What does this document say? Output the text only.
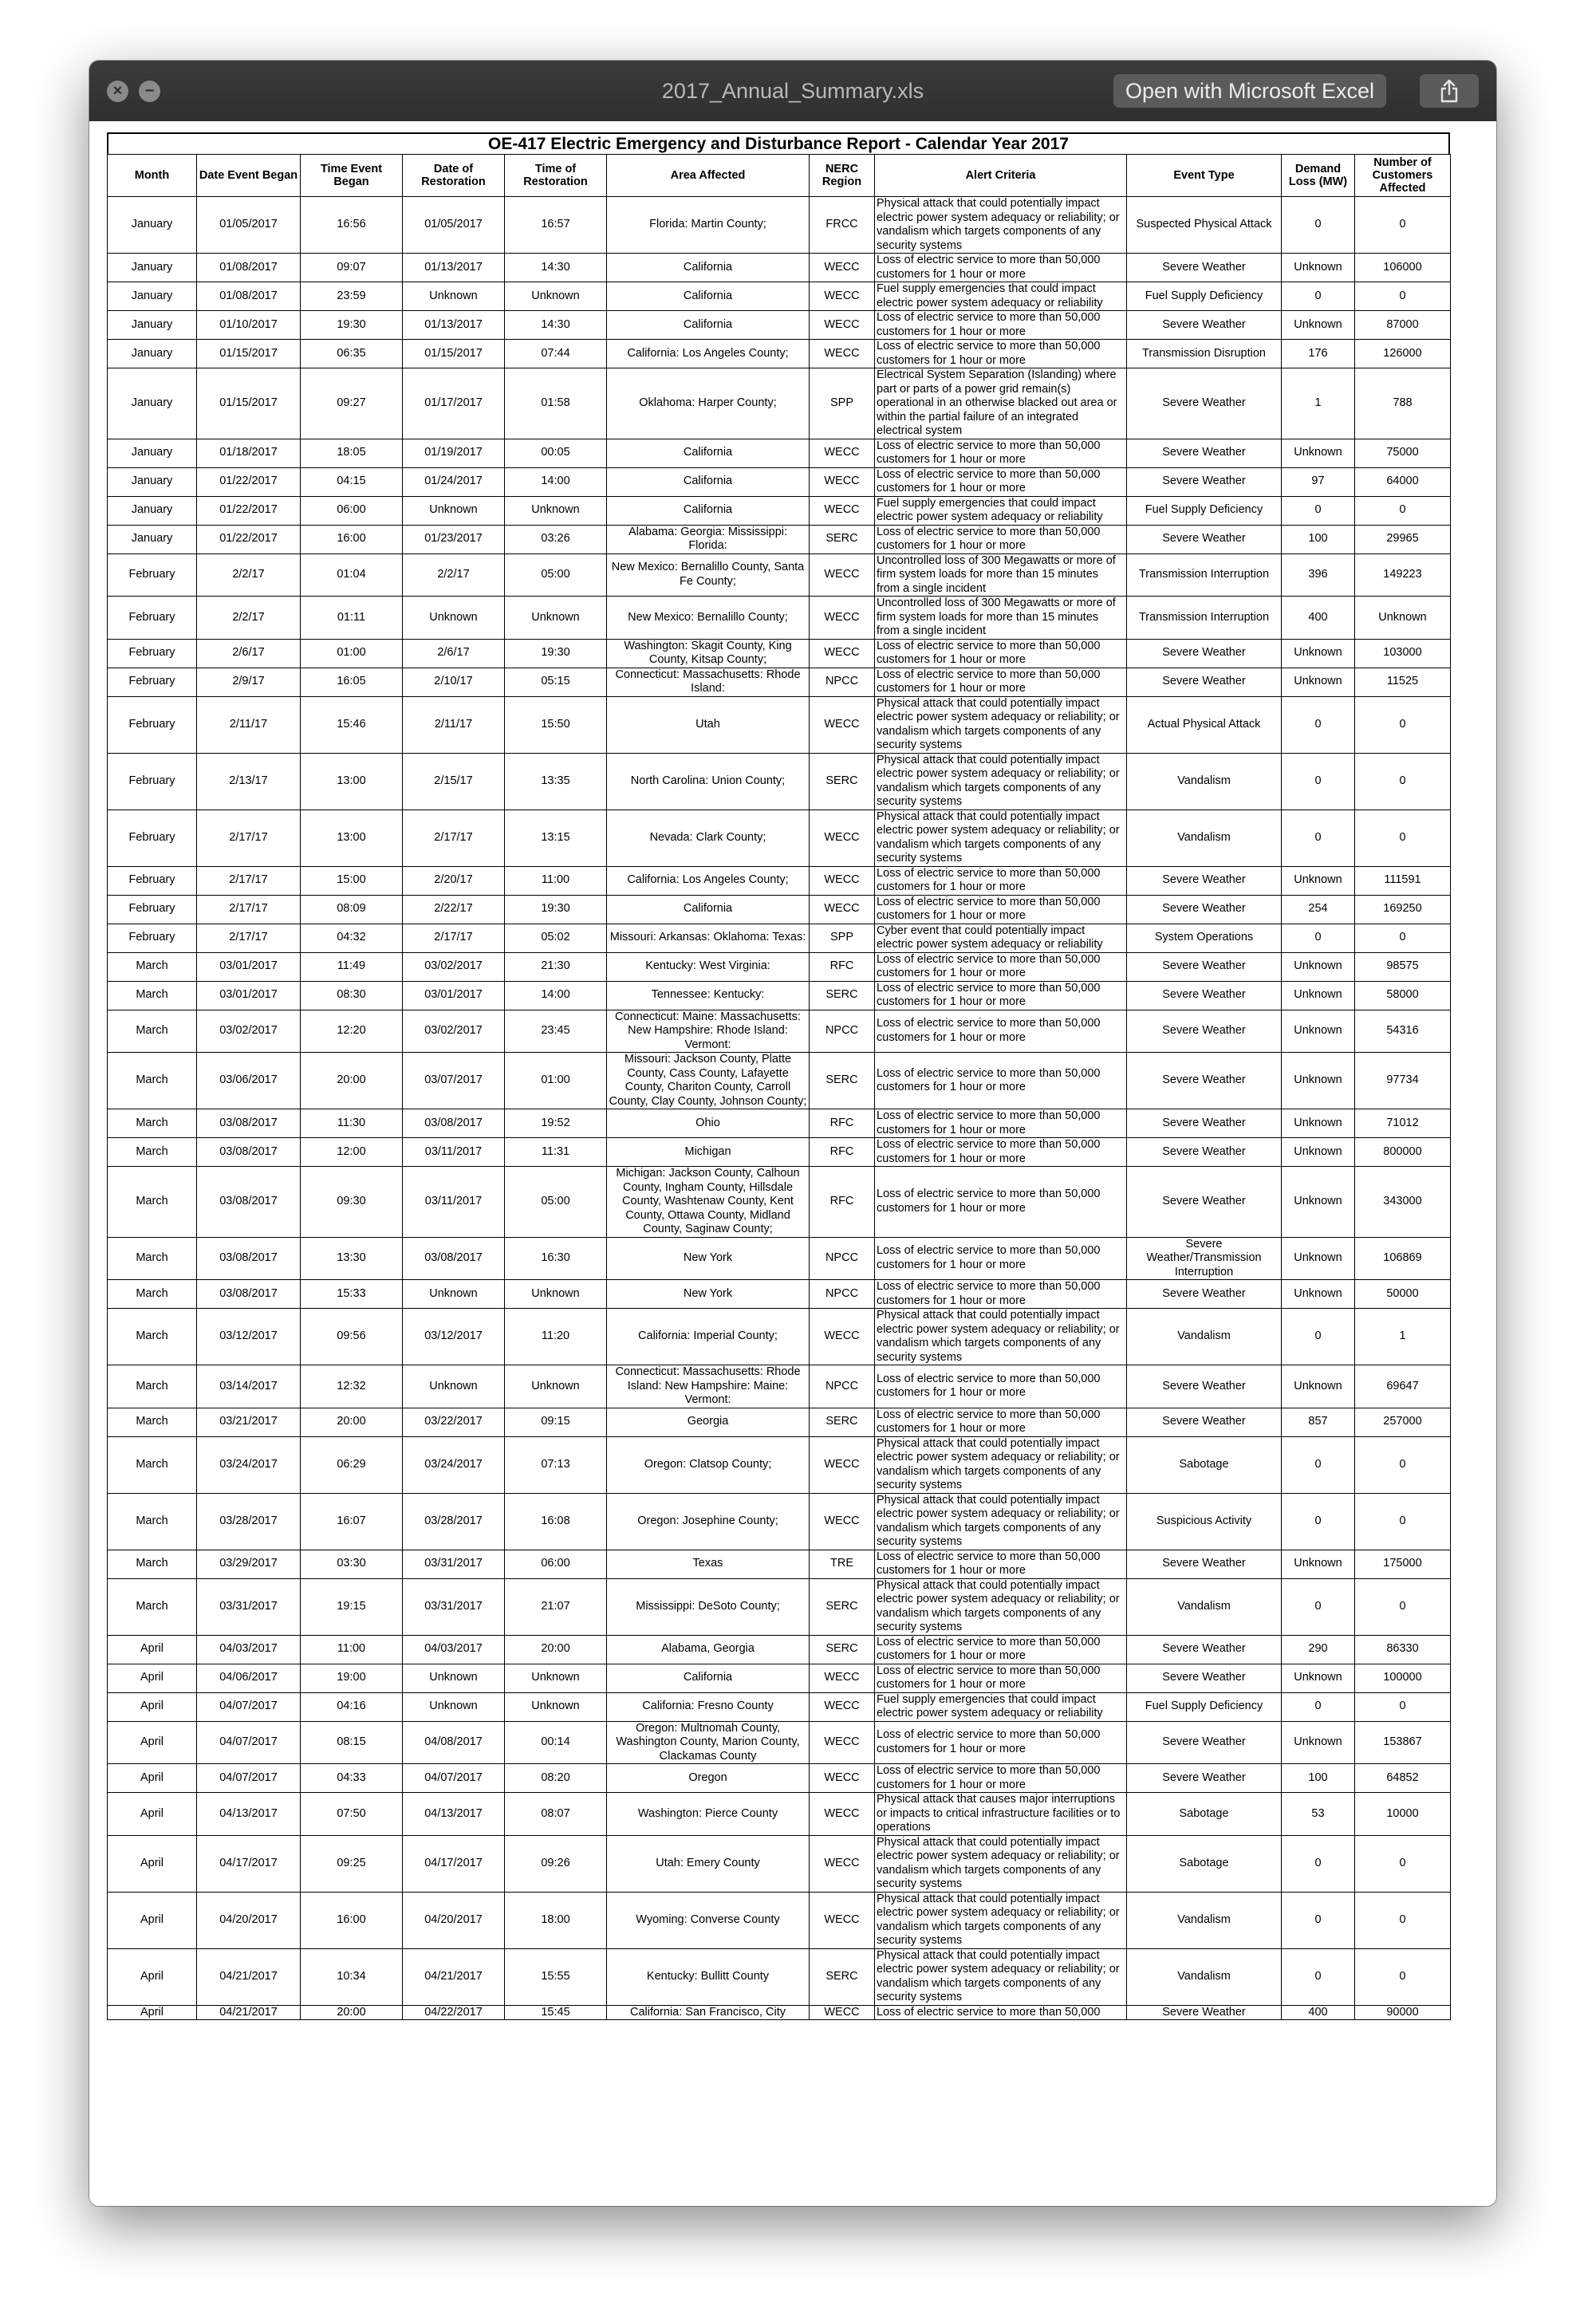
×	−	2017_Annual_Summary.xls	Open with Microsoft Excel
OE-417 Electric Emergency and Disturbance Report - Calendar Year 2017
Month	Date Event Began	Time Event Began	Date of Restoration	Time of Restoration	Area Affected	NERC Region	Alert Criteria	Event Type	Demand Loss (MW)	Number of Customers Affected
January	01/05/2017	16:56	01/05/2017	16:57	Florida: Martin County;	FRCC	Physical attack that could potentially impact electric power system adequacy or reliability; or vandalism which targets components of any security systems	Suspected Physical Attack	0	0
January	01/08/2017	09:07	01/13/2017	14:30	California	WECC	Loss of electric service to more than 50,000 customers for 1 hour or more	Severe Weather	Unknown	106000
January	01/08/2017	23:59	Unknown	Unknown	California	WECC	Fuel supply emergencies that could impact electric power system adequacy or reliability	Fuel Supply Deficiency	0	0
January	01/10/2017	19:30	01/13/2017	14:30	California	WECC	Loss of electric service to more than 50,000 customers for 1 hour or more	Severe Weather	Unknown	87000
January	01/15/2017	06:35	01/15/2017	07:44	California: Los Angeles County;	WECC	Loss of electric service to more than 50,000 customers for 1 hour or more	Transmission Disruption	176	126000
January	01/15/2017	09:27	01/17/2017	01:58	Oklahoma: Harper County;	SPP	Electrical System Separation (Islanding) where part or parts of a power grid remain(s) operational in an otherwise blacked out area or within the partial failure of an integrated electrical system	Severe Weather	1	788
January	01/18/2017	18:05	01/19/2017	00:05	California	WECC	Loss of electric service to more than 50,000 customers for 1 hour or more	Severe Weather	Unknown	75000
January	01/22/2017	04:15	01/24/2017	14:00	California	WECC	Loss of electric service to more than 50,000 customers for 1 hour or more	Severe Weather	97	64000
January	01/22/2017	06:00	Unknown	Unknown	California	WECC	Fuel supply emergencies that could impact electric power system adequacy or reliability	Fuel Supply Deficiency	0	0
January	01/22/2017	16:00	01/23/2017	03:26	Alabama: Georgia: Mississippi: Florida:	SERC	Loss of electric service to more than 50,000 customers for 1 hour or more	Severe Weather	100	29965
February	2/2/17	01:04	2/2/17	05:00	New Mexico: Bernalillo County, Santa Fe County;	WECC	Uncontrolled loss of 300 Megawatts or more of firm system loads for more than 15 minutes from a single incident	Transmission Interruption	396	149223
February	2/2/17	01:11	Unknown	Unknown	New Mexico: Bernalillo County;	WECC	Uncontrolled loss of 300 Megawatts or more of firm system loads for more than 15 minutes from a single incident	Transmission Interruption	400	Unknown
February	2/6/17	01:00	2/6/17	19:30	Washington: Skagit County, King County, Kitsap County;	WECC	Loss of electric service to more than 50,000 customers for 1 hour or more	Severe Weather	Unknown	103000
February	2/9/17	16:05	2/10/17	05:15	Connecticut: Massachusetts: Rhode Island:	NPCC	Loss of electric service to more than 50,000 customers for 1 hour or more	Severe Weather	Unknown	11525
February	2/11/17	15:46	2/11/17	15:50	Utah	WECC	Physical attack that could potentially impact electric power system adequacy or reliability; or vandalism which targets components of any security systems	Actual Physical Attack	0	0
February	2/13/17	13:00	2/15/17	13:35	North Carolina: Union County;	SERC	Physical attack that could potentially impact electric power system adequacy or reliability; or vandalism which targets components of any security systems	Vandalism	0	0
February	2/17/17	13:00	2/17/17	13:15	Nevada: Clark County;	WECC	Physical attack that could potentially impact electric power system adequacy or reliability; or vandalism which targets components of any security systems	Vandalism	0	0
February	2/17/17	15:00	2/20/17	11:00	California: Los Angeles County;	WECC	Loss of electric service to more than 50,000 customers for 1 hour or more	Severe Weather	Unknown	111591
February	2/17/17	08:09	2/22/17	19:30	California	WECC	Loss of electric service to more than 50,000 customers for 1 hour or more	Severe Weather	254	169250
February	2/17/17	04:32	2/17/17	05:02	Missouri: Arkansas: Oklahoma: Texas:	SPP	Cyber event that could potentially impact electric power system adequacy or reliability	System Operations	0	0
March	03/01/2017	11:49	03/02/2017	21:30	Kentucky: West Virginia:	RFC	Loss of electric service to more than 50,000 customers for 1 hour or more	Severe Weather	Unknown	98575
March	03/01/2017	08:30	03/01/2017	14:00	Tennessee: Kentucky:	SERC	Loss of electric service to more than 50,000 customers for 1 hour or more	Severe Weather	Unknown	58000
March	03/02/2017	12:20	03/02/2017	23:45	Connecticut: Maine: Massachusetts: New Hampshire: Rhode Island: Vermont:	NPCC	Loss of electric service to more than 50,000 customers for 1 hour or more	Severe Weather	Unknown	54316
March	03/06/2017	20:00	03/07/2017	01:00	Missouri: Jackson County, Platte County, Cass County, Lafayette County, Chariton County, Carroll County, Clay County, Johnson County;	SERC	Loss of electric service to more than 50,000 customers for 1 hour or more	Severe Weather	Unknown	97734
March	03/08/2017	11:30	03/08/2017	19:52	Ohio	RFC	Loss of electric service to more than 50,000 customers for 1 hour or more	Severe Weather	Unknown	71012
March	03/08/2017	12:00	03/11/2017	11:31	Michigan	RFC	Loss of electric service to more than 50,000 customers for 1 hour or more	Severe Weather	Unknown	800000
March	03/08/2017	09:30	03/11/2017	05:00	Michigan: Jackson County, Calhoun County, Ingham County, Hillsdale County, Washtenaw County, Kent County, Ottawa County, Midland County, Saginaw County;	RFC	Loss of electric service to more than 50,000 customers for 1 hour or more	Severe Weather	Unknown	343000
March	03/08/2017	13:30	03/08/2017	16:30	New York	NPCC	Loss of electric service to more than 50,000 customers for 1 hour or more	Severe Weather/Transmission Interruption	Unknown	106869
March	03/08/2017	15:33	Unknown	Unknown	New York	NPCC	Loss of electric service to more than 50,000 customers for 1 hour or more	Severe Weather	Unknown	50000
March	03/12/2017	09:56	03/12/2017	11:20	California: Imperial County;	WECC	Physical attack that could potentially impact electric power system adequacy or reliability; or vandalism which targets components of any security systems	Vandalism	0	1
March	03/14/2017	12:32	Unknown	Unknown	Connecticut: Massachusetts: Rhode Island: New Hampshire: Maine: Vermont:	NPCC	Loss of electric service to more than 50,000 customers for 1 hour or more	Severe Weather	Unknown	69647
March	03/21/2017	20:00	03/22/2017	09:15	Georgia	SERC	Loss of electric service to more than 50,000 customers for 1 hour or more	Severe Weather	857	257000
March	03/24/2017	06:29	03/24/2017	07:13	Oregon: Clatsop County;	WECC	Physical attack that could potentially impact electric power system adequacy or reliability; or vandalism which targets components of any security systems	Sabotage	0	0
March	03/28/2017	16:07	03/28/2017	16:08	Oregon: Josephine County;	WECC	Physical attack that could potentially impact electric power system adequacy or reliability; or vandalism which targets components of any security systems	Suspicious Activity	0	0
March	03/29/2017	03:30	03/31/2017	06:00	Texas	TRE	Loss of electric service to more than 50,000 customers for 1 hour or more	Severe Weather	Unknown	175000
March	03/31/2017	19:15	03/31/2017	21:07	Mississippi: DeSoto County;	SERC	Physical attack that could potentially impact electric power system adequacy or reliability; or vandalism which targets components of any security systems	Vandalism	0	0
April	04/03/2017	11:00	04/03/2017	20:00	Alabama, Georgia	SERC	Loss of electric service to more than 50,000 customers for 1 hour or more	Severe Weather	290	86330
April	04/06/2017	19:00	Unknown	Unknown	California	WECC	Loss of electric service to more than 50,000 customers for 1 hour or more	Severe Weather	Unknown	100000
April	04/07/2017	04:16	Unknown	Unknown	California: Fresno County	WECC	Fuel supply emergencies that could impact electric power system adequacy or reliability	Fuel Supply Deficiency	0	0
April	04/07/2017	08:15	04/08/2017	00:14	Oregon: Multnomah County, Washington County, Marion County, Clackamas County	WECC	Loss of electric service to more than 50,000 customers for 1 hour or more	Severe Weather	Unknown	153867
April	04/07/2017	04:33	04/07/2017	08:20	Oregon	WECC	Loss of electric service to more than 50,000 customers for 1 hour or more	Severe Weather	100	64852
April	04/13/2017	07:50	04/13/2017	08:07	Washington: Pierce County	WECC	Physical attack that causes major interruptions or impacts to critical infrastructure facilities or to operations	Sabotage	53	10000
April	04/17/2017	09:25	04/17/2017	09:26	Utah: Emery County	WECC	Physical attack that could potentially impact electric power system adequacy or reliability; or vandalism which targets components of any security systems	Sabotage	0	0
April	04/20/2017	16:00	04/20/2017	18:00	Wyoming: Converse County	WECC	Physical attack that could potentially impact electric power system adequacy or reliability; or vandalism which targets components of any security systems	Vandalism	0	0
April	04/21/2017	10:34	04/21/2017	15:55	Kentucky: Bullitt County	SERC	Physical attack that could potentially impact electric power system adequacy or reliability; or vandalism which targets components of any security systems	Vandalism	0	0
April	04/21/2017	20:00	04/22/2017	15:45	California: San Francisco, City	WECC	Loss of electric service to more than 50,000	Severe Weather	400	90000
